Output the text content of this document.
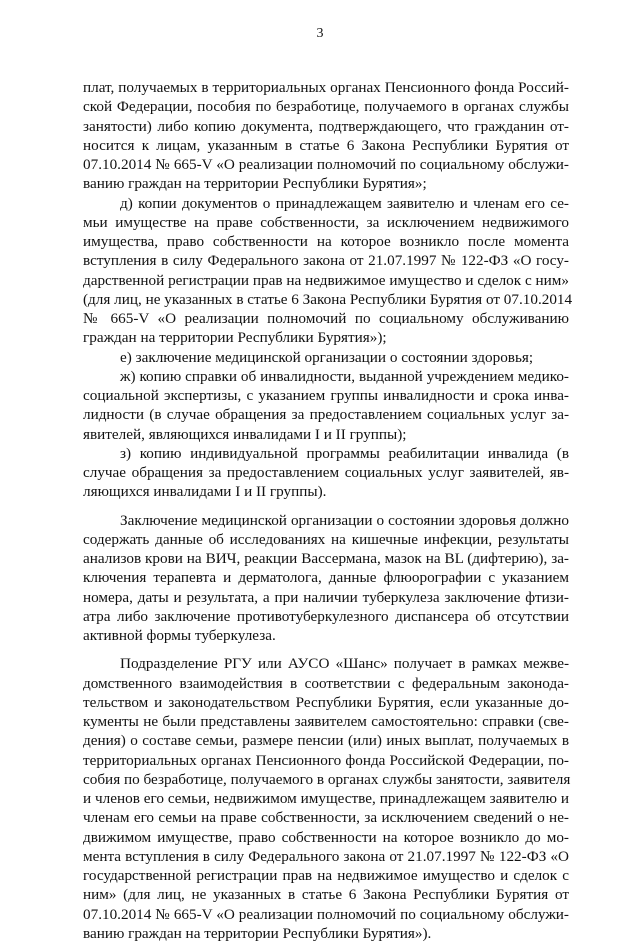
3

плат, получаемых в территориальных органах Пенсионного фонда Россий-

ской Федерации, пособия по безработице, получаемого в органах службы

занятости) либо копию документа, подтверждающего, что гражданин от-

носится к лицам, указанным в статье 6 Закона Республики Бурятия от

07.10.2014 № 665-V «О реализации полномочий по социальному обслужи-

ванию граждан на территории Республики Бурятия»;

д) копии документов о принадлежащем заявителю и членам его се-

мьи имуществе на праве собственности, за исключением недвижимого

имущества, право собственности на которое возникло после момента

вступления в силу Федерального закона от 21.07.1997 № 122-ФЗ «О госу-

дарственной регистрации прав на недвижимое имущество и сделок с ним»

(для лиц, не указанных в статье 6 Закона Республики Бурятия от 07.10.2014

№ 665-V «О реализации полномочий по социальному обслуживанию

граждан на территории Республики Бурятия»);

е) заключение медицинской организации о состоянии здоровья;

ж) копию справки об инвалидности, выданной учреждением медико-

социальной экспертизы, с указанием группы инвалидности и срока инва-

лидности (в случае обращения за предоставлением социальных услуг за-

явителей, являющихся инвалидами I и II группы);

з) копию индивидуальной программы реабилитации инвалида (в

случае обращения за предоставлением социальных услуг заявителей, яв-

ляющихся инвалидами I и II группы).

Заключение медицинской организации о состоянии здоровья должно

содержать данные об исследованиях на кишечные инфекции, результаты

анализов крови на ВИЧ, реакции Вассермана, мазок на BL (дифтерию), за-

ключения терапевта и дерматолога, данные флюорографии с указанием

номера, даты и результата, а при наличии туберкулеза заключение фтизи-

атра либо заключение противотуберкулезного диспансера об отсутствии

активной формы туберкулеза.

Подразделение РГУ или АУСО «Шанс» получает в рамках межве-

домственного взаимодействия в соответствии с федеральным законода-

тельством и законодательством Республики Бурятия, если указанные до-

кументы не были представлены заявителем самостоятельно: справки (све-

дения) о составе семьи, размере пенсии (или) иных выплат, получаемых в

территориальных органах Пенсионного фонда Российской Федерации, по-

собия по безработице, получаемого в органах службы занятости, заявителя

и членов его семьи, недвижимом имуществе, принадлежащем заявителю и

членам его семьи на праве собственности, за исключением сведений о не-

движимом имуществе, право собственности на которое возникло до мо-

мента вступления в силу Федерального закона от 21.07.1997 № 122-ФЗ «О

государственной регистрации прав на недвижимое имущество и сделок с

ним» (для лиц, не указанных в статье 6 Закона Республики Бурятия от

07.10.2014 № 665-V «О реализации полномочий по социальному обслужи-

ванию граждан на территории Республики Бурятия»).
